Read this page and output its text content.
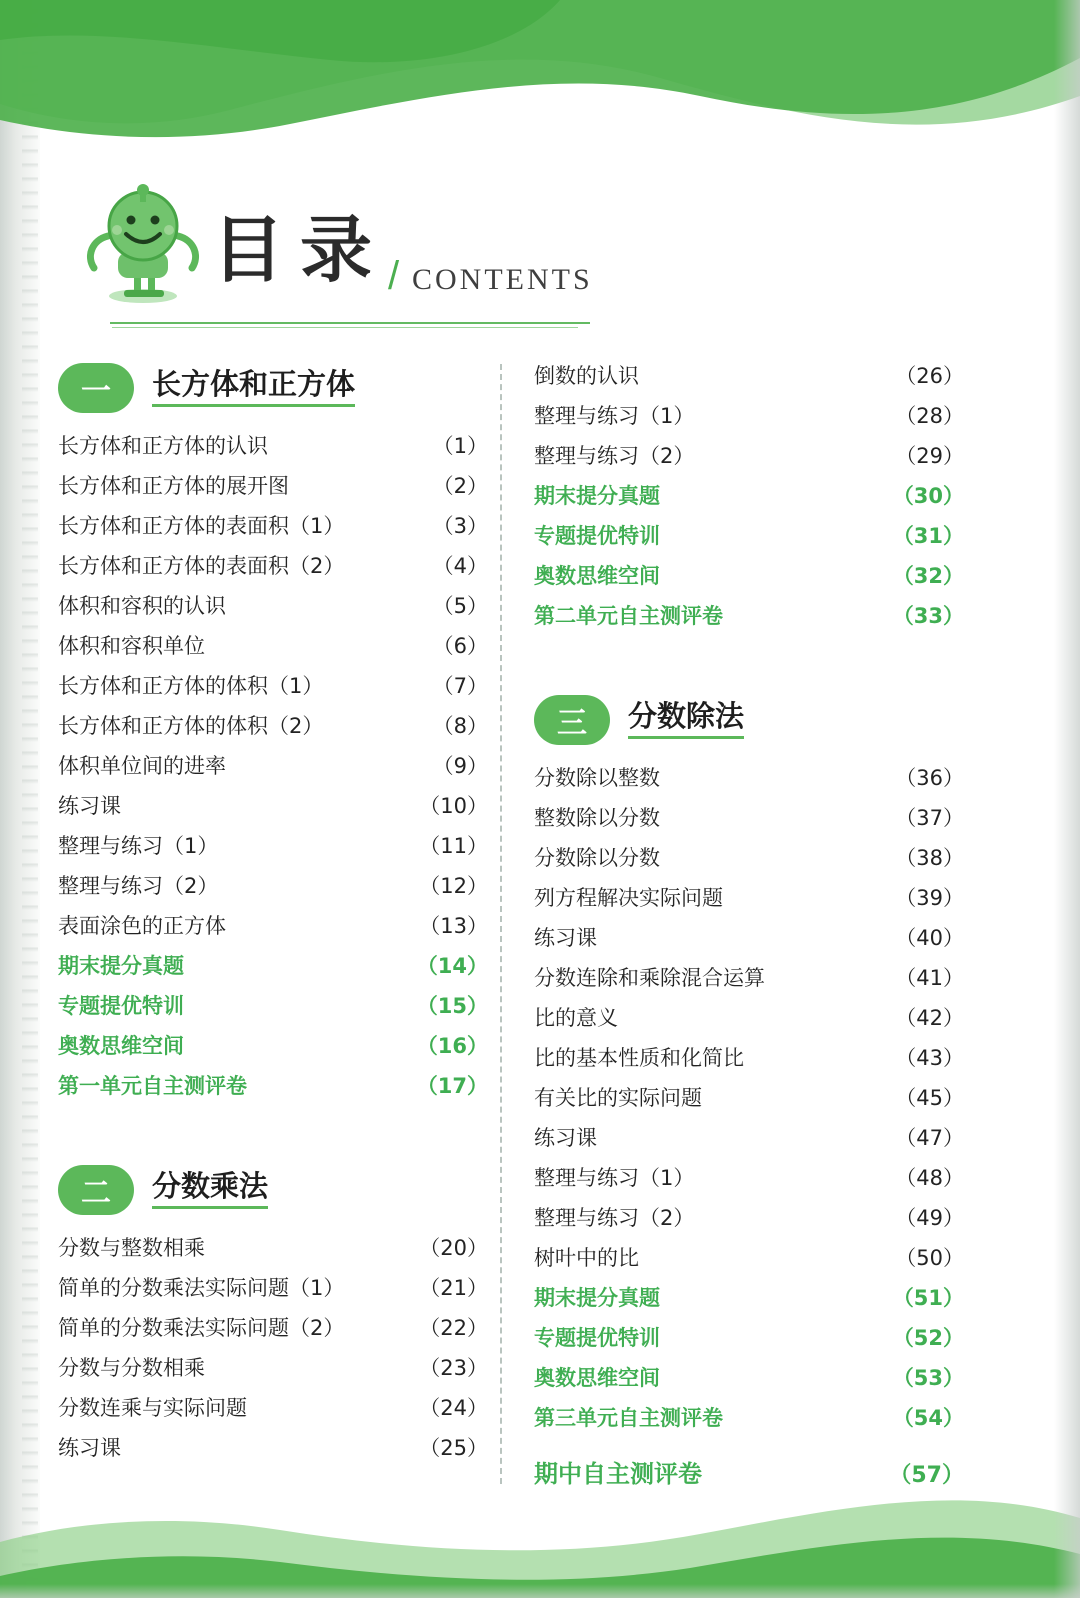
目录 / CONTENTS
一	长方体和正方体
长方体和正方体的认识	（1）
长方体和正方体的展开图	（2）
长方体和正方体的表面积（1）	（3）
长方体和正方体的表面积（2）	（4）
体积和容积的认识	（5）
体积和容积单位	（6）
长方体和正方体的体积（1）	（7）
长方体和正方体的体积（2）	（8）
体积单位间的进率	（9）
练习课	（10）
整理与练习（1）	（11）
整理与练习（2）	（12）
表面涂色的正方体	（13）
期末提分真题	（14）
专题提优特训	（15）
奥数思维空间	（16）
第一单元自主测评卷	（17）
二	分数乘法
分数与整数相乘	（20）
简单的分数乘法实际问题（1）	（21）
简单的分数乘法实际问题（2）	（22）
分数与分数相乘	（23）
分数连乘与实际问题	（24）
练习课	（25）
倒数的认识	（26）
整理与练习（1）	（28）
整理与练习（2）	（29）
期末提分真题	（30）
专题提优特训	（31）
奥数思维空间	（32）
第二单元自主测评卷	（33）
三	分数除法
分数除以整数	（36）
整数除以分数	（37）
分数除以分数	（38）
列方程解决实际问题	（39）
练习课	（40）
分数连除和乘除混合运算	（41）
比的意义	（42）
比的基本性质和化简比	（43）
有关比的实际问题	（45）
练习课	（47）
整理与练习（1）	（48）
整理与练习（2）	（49）
树叶中的比	（50）
期末提分真题	（51）
专题提优特训	（52）
奥数思维空间	（53）
第三单元自主测评卷	（54）
期中自主测评卷	（57）
